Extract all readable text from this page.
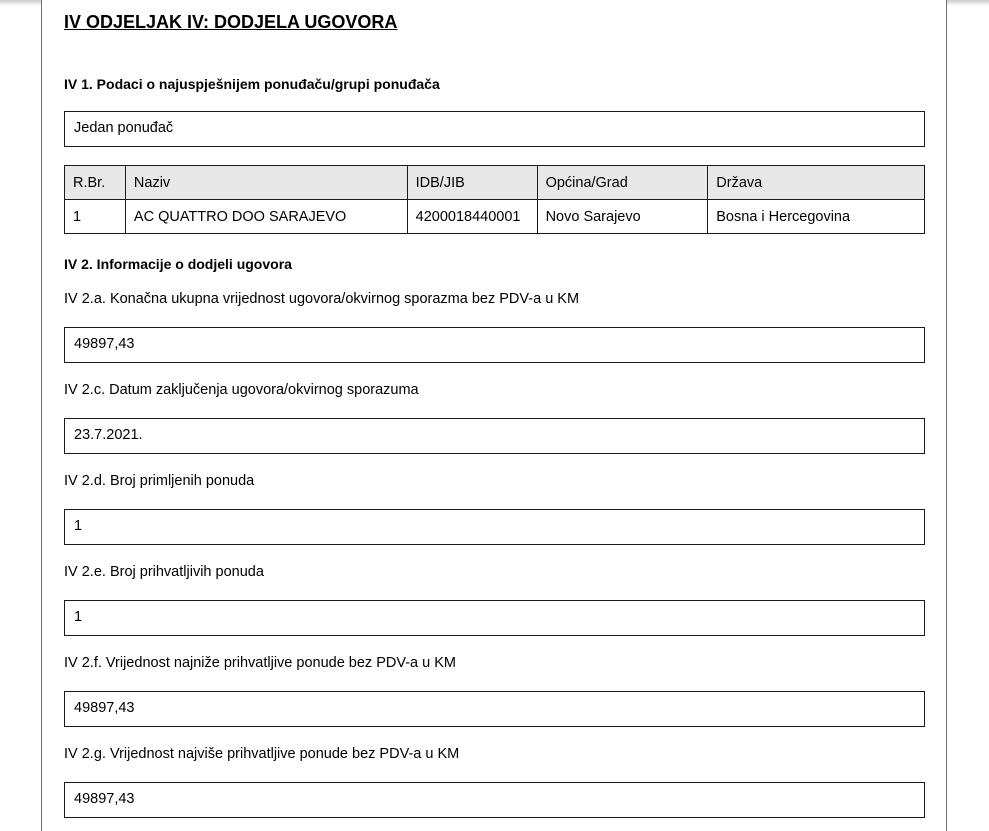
IV ODJELJAK IV: DODJELA UGOVORA
IV 1. Podaci o najuspješnijem ponuđaču/grupi ponuđača
Jedan ponuđač
R.Br.	Naziv	IDB/JIB	Općina/Grad	Država
1	AC QUATTRO DOO SARAJEVO	4200018440001	Novo Sarajevo	Bosna i Hercegovina
IV 2. Informacije o dodjeli ugovora
IV 2.a. Konačna ukupna vrijednost ugovora/okvirnog sporazma bez PDV-a u KM
49897,43
IV 2.c. Datum zaključenja ugovora/okvirnog sporazuma
23.7.2021.
IV 2.d. Broj primljenih ponuda
1
IV 2.e. Broj prihvatljivih ponuda
1
IV 2.f. Vrijednost najniže prihvatljive ponude bez PDV-a u KM
49897,43
IV 2.g. Vrijednost najviše prihvatljive ponude bez PDV-a u KM
49897,43
